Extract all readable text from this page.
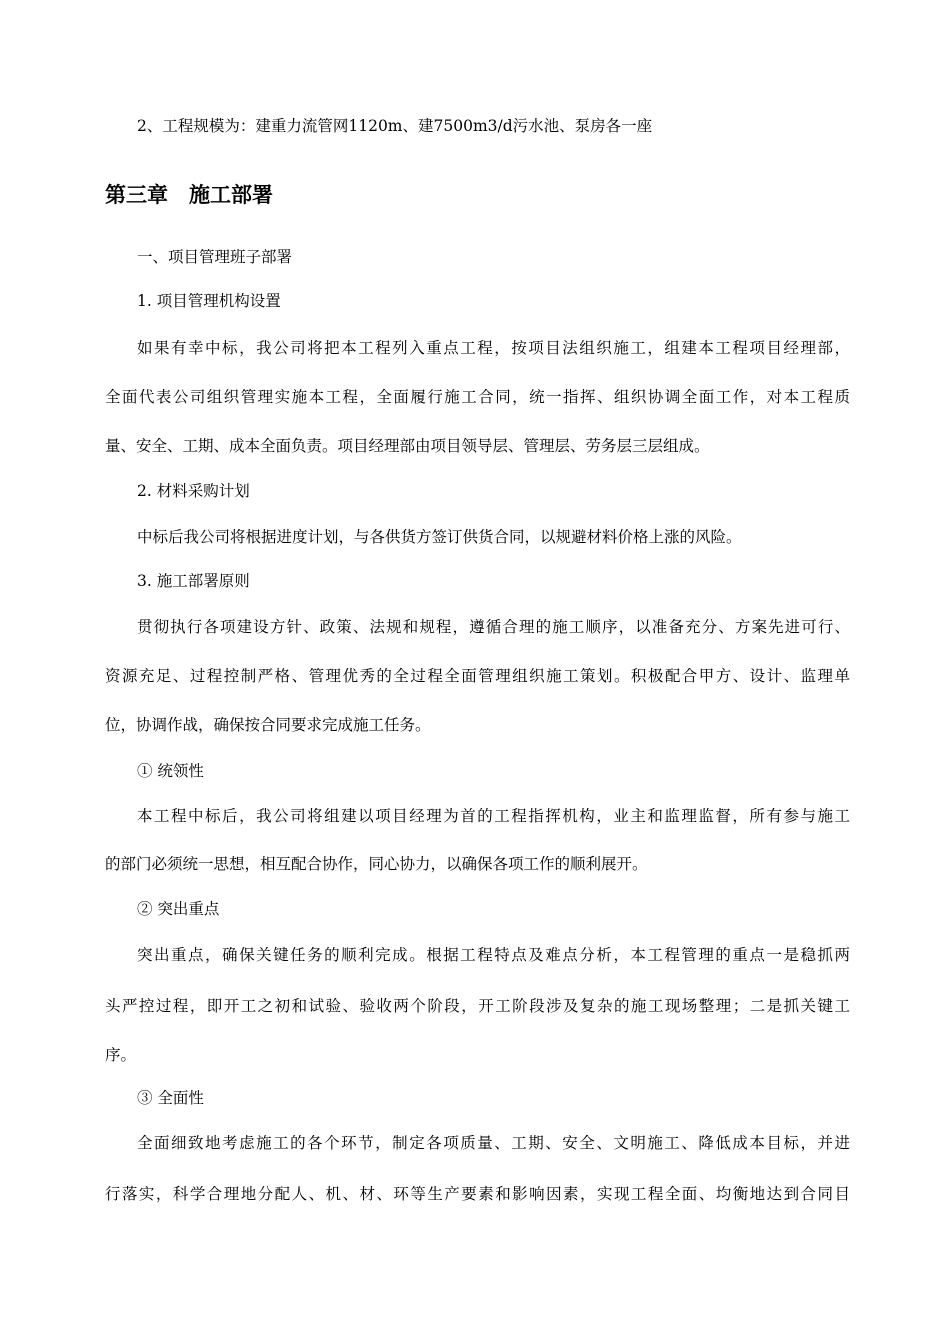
2、工程规模为：建重力流管网1120m、建7500m3/d污水池、泵房各一座
第三章　施工部署
一、项目管理班子部署
1. 项目管理机构设置
如果有幸中标，我公司将把本工程列入重点工程，按项目法组织施工，组建本工程项目经理部，
全面代表公司组织管理实施本工程，全面履行施工合同，统一指挥、组织协调全面工作，对本工程质
量、安全、工期、成本全面负责。项目经理部由项目领导层、管理层、劳务层三层组成。
2. 材料采购计划
中标后我公司将根据进度计划，与各供货方签订供货合同，以规避材料价格上涨的风险。
3. 施工部署原则
贯彻执行各项建设方针、政策、法规和规程，遵循合理的施工顺序，以准备充分、方案先进可行、
资源充足、过程控制严格、管理优秀的全过程全面管理组织施工策划。积极配合甲方、设计、监理单
位，协调作战，确保按合同要求完成施工任务。
① 统领性
本工程中标后，我公司将组建以项目经理为首的工程指挥机构，业主和监理监督，所有参与施工
的部门必须统一思想，相互配合协作，同心协力，以确保各项工作的顺利展开。
② 突出重点
突出重点，确保关键任务的顺利完成。根据工程特点及难点分析，本工程管理的重点一是稳抓两
头严控过程，即开工之初和试验、验收两个阶段，开工阶段涉及复杂的施工现场整理；二是抓关键工
序。
③ 全面性
全面细致地考虑施工的各个环节，制定各项质量、工期、安全、文明施工、降低成本目标，并进
行落实，科学合理地分配人、机、材、环等生产要素和影响因素，实现工程全面、均衡地达到合同目
